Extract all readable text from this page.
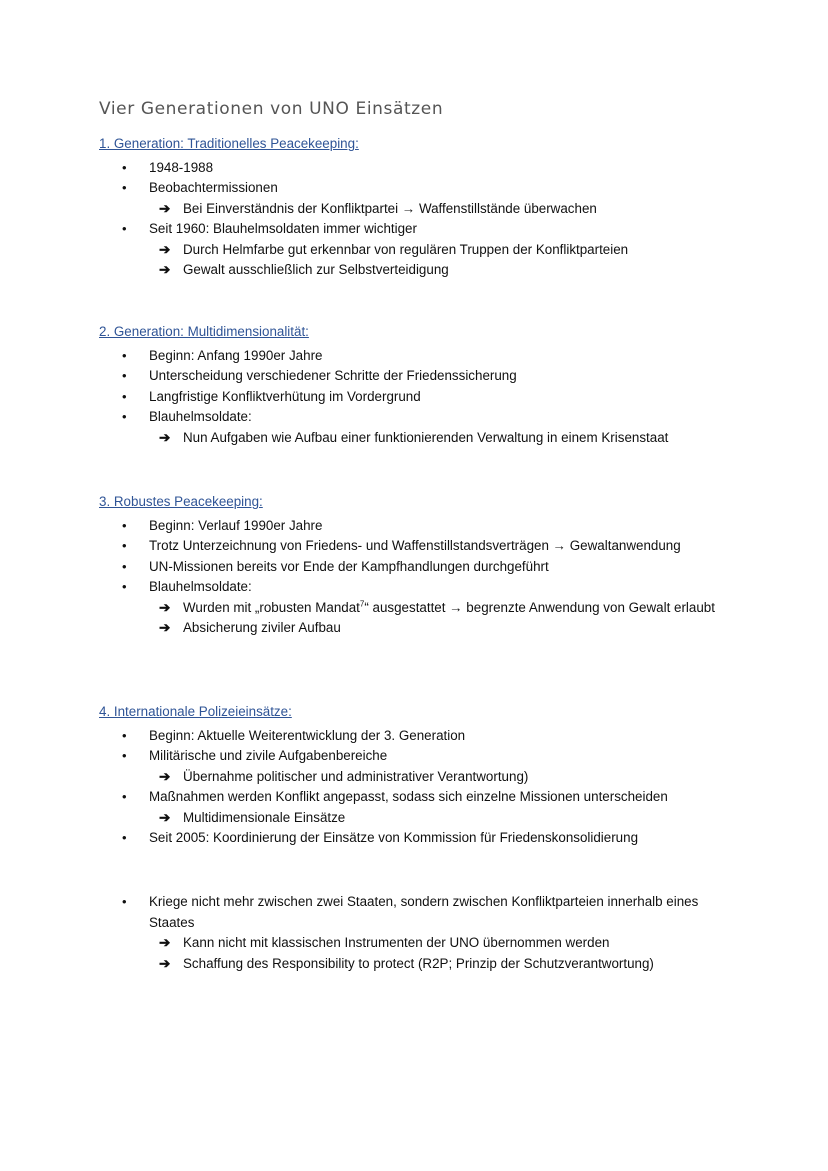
Vier Generationen von UNO Einsätzen
1. Generation: Traditionelles Peacekeeping:
• 1948-1988
• Beobachtermissionen
➔ Bei Einverständnis der Konfliktpartei → Waffenstillstände überwachen
• Seit 1960: Blauhelmsoldaten immer wichtiger
➔ Durch Helmfarbe gut erkennbar von regulären Truppen der Konfliktparteien
➔ Gewalt ausschließlich zur Selbstverteidigung
2. Generation: Multidimensionalität:
• Beginn: Anfang 1990er Jahre
• Unterscheidung verschiedener Schritte der Friedenssicherung
• Langfristige Konfliktverhütung im Vordergrund
• Blauhelmsoldate:
➔ Nun Aufgaben wie Aufbau einer funktionierenden Verwaltung in einem Krisenstaat
3. Robustes Peacekeeping:
• Beginn: Verlauf 1990er Jahre
• Trotz Unterzeichnung von Friedens- und Waffenstillstandsverträgen → Gewaltanwendung
• UN-Missionen bereits vor Ende der Kampfhandlungen durchgeführt
• Blauhelmsoldate:
➔ Wurden mit „robusten Mandat$^7$“ ausgestattet → begrenzte Anwendung von Gewalt erlaubt
➔ Absicherung ziviler Aufbau
4. Internationale Polizeieinsätze:
• Beginn: Aktuelle Weiterentwicklung der 3. Generation
• Militärische und zivile Aufgabenbereiche
➔ Übernahme politischer und administrativer Verantwortung)
• Maßnahmen werden Konflikt angepasst, sodass sich einzelne Missionen unterscheiden
➔ Multidimensionale Einsätze
• Seit 2005: Koordinierung der Einsätze von Kommission für Friedenskonsolidierung
• Kriege nicht mehr zwischen zwei Staaten, sondern zwischen Konfliktparteien innerhalb eines Staates
➔ Kann nicht mit klassischen Instrumenten der UNO übernommen werden
➔ Schaffung des Responsibility to protect (R2P; Prinzip der Schutzverantwortung)
